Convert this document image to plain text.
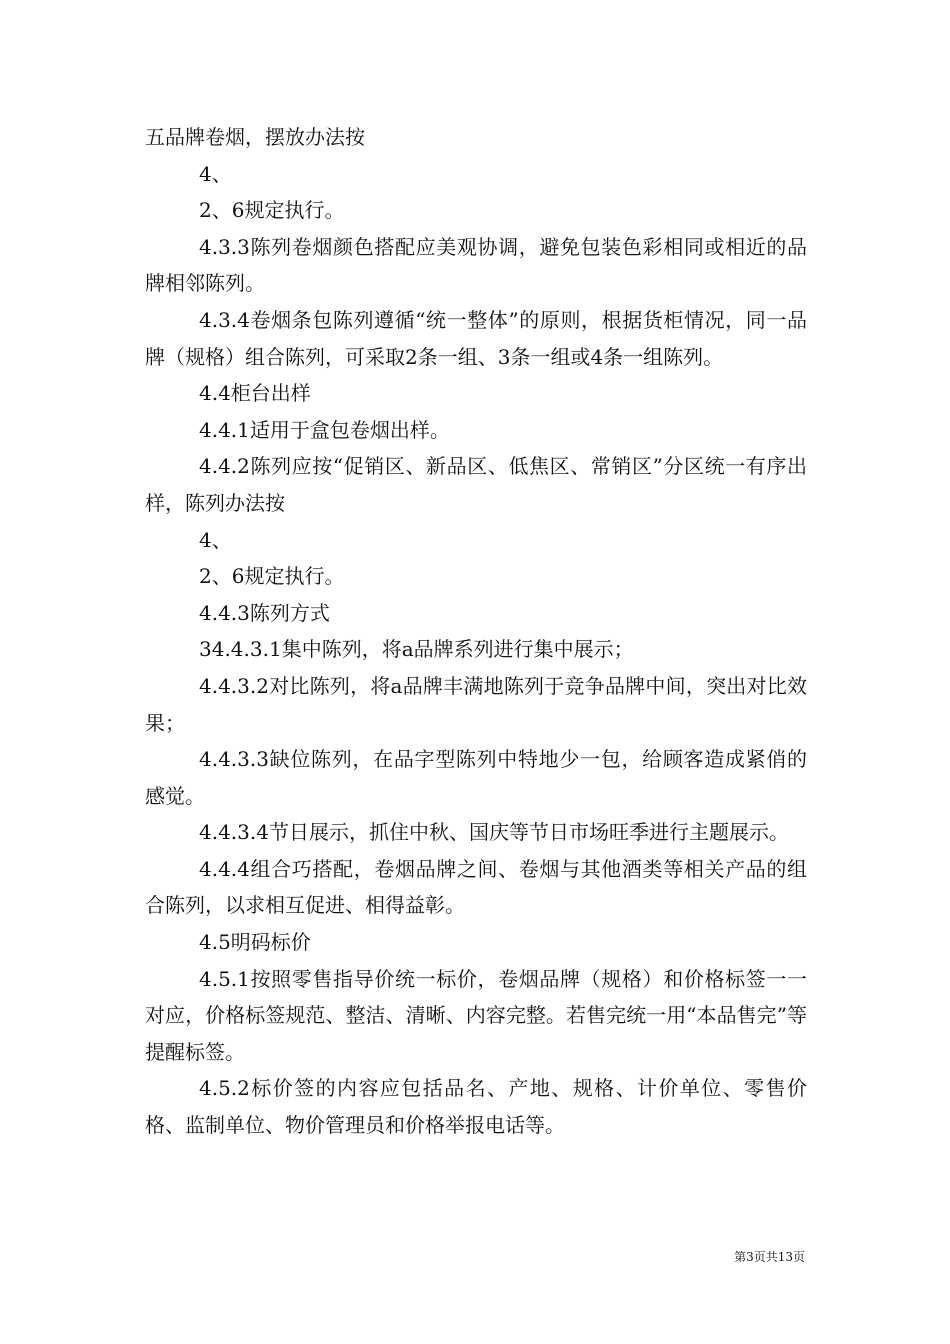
五品牌卷烟，摆放办法按

4、

2、6规定执行。

4.3.3陈列卷烟颜色搭配应美观协调，避免包装色彩相同或相近的品牌相邻陈列。

4.3.4卷烟条包陈列遵循“统一整体”的原则，根据货柜情况，同一品牌（规格）组合陈列，可采取2条一组、3条一组或4条一组陈列。

4.4柜台出样

4.4.1适用于盒包卷烟出样。

4.4.2陈列应按“促销区、新品区、低焦区、常销区”分区统一有序出样，陈列办法按

4、

2、6规定执行。

4.4.3陈列方式

34.4.3.1集中陈列，将a品牌系列进行集中展示；

4.4.3.2对比陈列，将a品牌丰满地陈列于竞争品牌中间，突出对比效果；

4.4.3.3缺位陈列，在品字型陈列中特地少一包，给顾客造成紧俏的感觉。

4.4.3.4节日展示，抓住中秋、国庆等节日市场旺季进行主题展示。

4.4.4组合巧搭配，卷烟品牌之间、卷烟与其他酒类等相关产品的组合陈列，以求相互促进、相得益彰。

4.5明码标价

4.5.1按照零售指导价统一标价，卷烟品牌（规格）和价格标签一一对应，价格标签规范、整洁、清晰、内容完整。若售完统一用“本品售完”等提醒标签。

4.5.2标价签的内容应包括品名、产地、规格、计价单位、零售价格、监制单位、物价管理员和价格举报电话等。

第3页共13页
